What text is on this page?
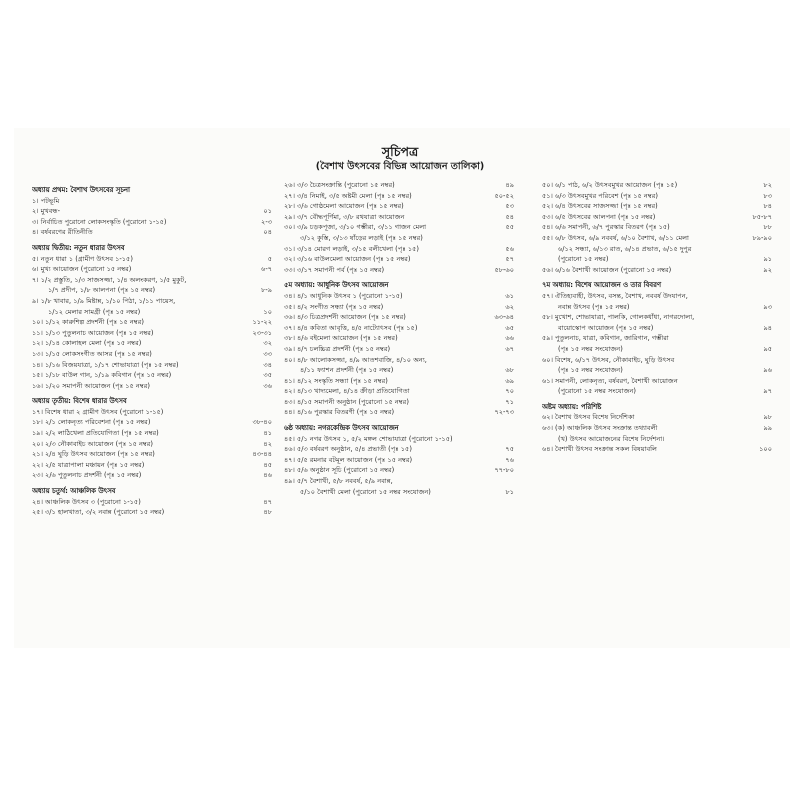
সূচিপত্র
(বৈশাখ উৎসবের বিভিন্ন আয়োজন তালিকা)
অধ্যায় প্রথম: বৈশাখ উৎসবের সূচনা
১। পটভূমি
২। মুখবন্ধ-	০১
৩। নির্বাচিত পুরোনো লোকসংস্কৃতি (পুরোনো ১-১৫)	২-৩
৪। বর্ষবরণের রীতিনীতি	০৪
অধ্যায় দ্বিতীয়: নতুন ধারার উৎসব
৫। নতুন ধারা ১ (গ্রামীণ উৎসব ১-১৫)	৫
৬। মুখ্য আয়োজন (পুরোনো ১৫ নম্বর)	৬-৭
৭। ১/২ প্রস্তুতি, ১/৩ সাজসজ্জা, ১/৪ অলংকরণ, ১/৫ মুকুট,
১/৭ প্রদীপ, ১/৮ আলপনা (পৃঃ ১৫ নম্বর)	৮-৯
৯। ১/৮ খাবার, ১/৯ মিষ্টান্ন, ১/১০ পিঠা, ১/১১ পায়েস,
১/১২ মেলার সামগ্রী (পৃঃ ১৫ নম্বর)	১০
১০। ১/১২ কারুশিল্প প্রদর্শনী (পৃঃ ১৫ নম্বর)	১১-২২
১১। ১/১৩ পুতুলনাচ আয়োজন (পৃঃ ১৫ নম্বর)	২৩-৩১
১২। ১/১৪ কোলাহল মেলা (পৃঃ ১৫ নম্বর)	৩২
১৩। ১/১৫ লোকসংগীত আসর (পৃঃ ১৫ নম্বর)	৩৩
১৪। ১/১৬ বিজয়যাত্রা, ১/১৭ শোভাযাত্রা (পৃঃ ১৫ নম্বর)	৩৪
১৫। ১/১৮ বাউল গান, ১/১৯ কবিগান (পৃঃ ১৫ নম্বর)	৩৫
১৬। ১/২০ সমাপনী আয়োজন (পৃঃ ১৫ নম্বর)	৩৬
অধ্যায় তৃতীয়: বিশেষ ধারার উৎসব
১৭। বিশেষ ধারা ২ গ্রামীণ উৎসব (পুরোনো ১-১৫)
১৮। ২/১ লোকনৃত্য পরিবেশনা (পৃঃ ১৫ নম্বর)	৩৮-৪০
১৯। ২/২ লাঠিখেলা প্রতিযোগিতা (পৃঃ ১৫ নম্বর)	৪১
২০। ২/৩ নৌকাবাইচ আয়োজন (পৃঃ ১৫ নম্বর)	৪২
২১। ২/৪ ঘুড়ি উৎসব আয়োজন (পৃঃ ১৫ নম্বর)	৪৩-৪৪
২২। ২/৫ যাত্রাপালা মঞ্চায়ন (পৃঃ ১৫ নম্বর)	৪৫
২৩। ২/৬ পুতুলনাচ প্রদর্শনী (পৃঃ ১৫ নম্বর)	৪৬
অধ্যায় চতুর্থ: আঞ্চলিক উৎসব
২৪। আঞ্চলিক উৎসব ৩ (পুরোনো ১-১৫)	৪৭
২৫। ৩/১ হালখাতা, ৩/২ নবান্ন (পুরোনো ১৫ নম্বর)	৪৮
২৬। ৩/৩ চৈত্রসংক্রান্তি (পুরোনো ১৫ নম্বর)	৪৯
২৭। ৩/৪ নিমাই, ৩/৫ অষ্টমী মেলা (পৃঃ ১৫ নম্বর)	৫০-৫২
২৮। ৩/৬ গোষ্ঠমেলা আয়োজন (পৃঃ ১৫ নম্বর)	৫৩
২৯। ৩/৭ বৌদ্ধপূর্ণিমা, ৩/৮ রথযাত্রা আয়োজন	৫৪
৩০। ৩/৯ চড়কপূজা, ৩/১০ গম্ভীরা, ৩/১১ গাজন মেলা	৫৫
৩/১২ কুস্তি, ৩/১৩ ষাঁড়ের লড়াই (পৃঃ ১৫ নম্বর)
৩১। ৩/১৪ মোরগ লড়াই, ৩/১৫ বলীখেলা (পৃঃ ১৫)	৫৬
৩২। ৩/১৬ বাউলমেলা আয়োজন (পৃঃ ১৫ নম্বর)	৫৭
৩৩। ৩/১৭ সমাপনী পর্ব (পৃঃ ১৫ নম্বর)	৫৮-৬০
৫ম অধ্যায়: আধুনিক উৎসব আয়োজন
৩৪। ৪/১ আধুনিক উৎসব ১ (পুরোনো ১-১৫)	৬১
৩৫। ৪/২ সংগীত সন্ধ্যা (পৃঃ ১৫ নম্বর)	৬২
৩৬। ৪/৩ চিত্রপ্রদর্শনী আয়োজন (পৃঃ ১৫ নম্বর)	৬৩-৬৪
৩৭। ৪/৪ কবিতা আবৃত্তি, ৪/৫ নাট্যোৎসব (পৃঃ ১৫)	৬৫
৩৮। ৪/৬ বইমেলা আয়োজন (পৃঃ ১৫ নম্বর)	৬৬
৩৯। ৪/৭ চলচ্চিত্র প্রদর্শনী (পৃঃ ১৫ নম্বর)	৬৭
৪০। ৪/৮ আলোকসজ্জা, ৪/৯ আতশবাজি, ৪/১০ অন্য,
৪/১১ ফ্যাশন প্রদর্শনী (পৃঃ ১৫ নম্বর)	৬৮
৪১। ৪/১২ সংস্কৃতি সন্ধ্যা (পৃঃ ১৫ নম্বর)	৬৯
৪২। ৪/১৩ খাদ্যমেলা, ৪/১৪ ক্রীড়া প্রতিযোগিতা	৭০
৪৩। ৪/১৫ সমাপনী অনুষ্ঠান (পুরোনো ১৫ নম্বর)	৭১
৪৪। ৪/১৬ পুরস্কার বিতরণী (পৃঃ ১৫ নম্বর)	৭২-৭৩
৬ষ্ঠ অধ্যায়: নগরকেন্দ্রিক উৎসব আয়োজন
৪৫। ৫/১ নগর উৎসব ১, ৫/২ মঙ্গল শোভাযাত্রা (পুরোনো ১-১৫)
৪৬। ৫/৩ বর্ষবরণ অনুষ্ঠান, ৫/৪ প্রভাতী (পৃঃ ১৫)	৭৫
৪৭। ৫/৫ রমনার বটমূল আয়োজন (পৃঃ ১৫ নম্বর)	৭৬
৪৮। ৫/৬ অনুষ্ঠান সূচি (পুরোনো ১৫ নম্বর)	৭৭-৮০
৪৯। ৫/৭ বৈশাখী, ৫/৮ নববর্ষ, ৫/৯ নবান্ন,
৫/১০ বৈশাখী মেলা (পুরোনো ১৫ নম্বর সংযোজন)	৮১
৫০। ৬/১ পাঠ, ৬/২ উৎসবমুখর আয়োজন (পৃঃ ১৫)	৮২
৫১। ৬/৩ উৎসবমুখর পরিবেশ (পৃঃ ১৫ নম্বর)	৮৩
৫২। ৬/৪ উৎসবের সাজসজ্জা (পৃঃ ১৫ নম্বর)	৮৪
৫৩। ৬/৫ উৎসবের আলপনা (পৃঃ ১৫ নম্বর)	৮৫-৮৭
৫৪। ৬/৬ সমাপনী, ৬/৭ পুরস্কার বিতরণ (পৃঃ ১৫)	৮৮
৫৫। ৬/৮ উৎসব, ৬/৯ নববর্ষ, ৬/১০ বৈশাখ, ৬/১১ মেলা	৮৯-৯০
৬/১২ সন্ধ্যা, ৬/১৩ রাত, ৬/১৪ প্রভাত, ৬/১৫ দুপুর
(পুরোনো ১৫ নম্বর)	৯১
৫৬। ৬/১৬ বৈশাখী আয়োজন (পুরোনো ১৫ নম্বর)	৯২
৭ম অধ্যায়: বিশেষ আয়োজন ও তার বিবরণ
৫৭। ঐতিহ্যবাহী, উৎসব, বসন্ত, বৈশাখ, নববর্ষ উদযাপন,
নবান্ন উৎসব (পৃঃ ১৫ নম্বর)	৯৩
৫৮। মুখোশ, শোভাযাত্রা, পালকি, গোলকধাঁধা, নাগরদোলা,
বায়োস্কোপ আয়োজন (পৃঃ ১৫ নম্বর)	৯৪
৫৯। পুতুলনাচ, যাত্রা, কবিগান, জারিগান, গম্ভীরা
(পৃঃ ১৫ নম্বর সংযোজন)	৯৫
৬০। বিশেষ, ৬/১৭ উৎসব, নৌকাবাইচ, ঘুড়ি উৎসব
(পৃঃ ১৫ নম্বর সংযোজন)	৯৬
৬১। সমাপনী, লোকনৃত্য, বর্ষবরণ, বৈশাখী আয়োজন
(পুরোনো ১৫ নম্বর সংযোজন)	৯৭
অষ্টম অধ্যায়: পরিশিষ্ট
৬২। বৈশাখ উৎসব বিশেষ নির্দেশিকা	৯৮
৬৩। (ক) আঞ্চলিক উৎসব সংক্রান্ত তথ্যাবলী	৯৯
(খ) উৎসব আয়োজনের বিশেষ নির্দেশনা।
৬৪। বৈশাখী উৎসব সংক্রান্ত সকল বিষয়াবলি	১০০
